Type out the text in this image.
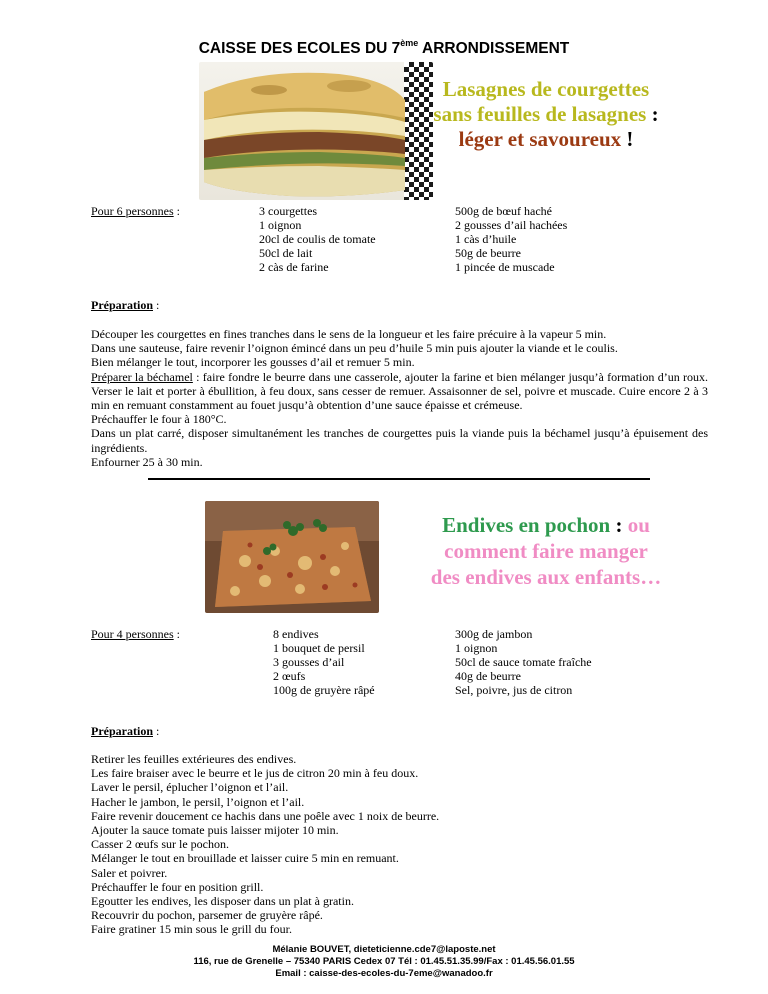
CAISSE DES ECOLES DU 7ème ARRONDISSEMENT
Lasagnes de courgettes
sans feuilles de lasagnes :
léger et savoureux !
Pour 6 personnes :	3 courgettes
1 oignon
20cl de coulis de tomate
50cl de lait
2 càs de farine
500g de bœuf haché
2 gousses d’ail hachées
1 càs d’huile
50g de beurre
1 pincée de muscade
Préparation :

Découper les courgettes en fines tranches dans le sens de la longueur et les faire précuire à la vapeur 5 min.

Dans une sauteuse, faire revenir l’oignon émincé dans un peu d’huile 5 min puis ajouter la viande et le coulis.

Bien mélanger le tout, incorporer les gousses d’ail et remuer 5 min.

Préparer la béchamel : faire fondre le beurre dans une casserole, ajouter la farine et bien mélanger jusqu’à formation d’un roux. Verser le lait et porter à ébullition, à feu doux, sans cesser de remuer. Assaisonner de sel, poivre et muscade. Cuire encore 2 à 3 min en remuant constamment au fouet jusqu’à obtention d’une sauce épaisse et crémeuse.

Préchauffer le four à 180°C.

Dans un plat carré, disposer simultanément les tranches de courgettes puis la viande puis la béchamel jusqu’à épuisement des ingrédients.

Enfourner 25 à 30 min.

Endives en pochon : ou
comment faire manger
des endives aux enfants…
Pour 4 personnes :	8 endives
1 bouquet de persil
3 gousses d’ail
2 œufs
100g de gruyère râpé
300g de jambon
1 oignon
50cl de sauce tomate fraîche
40g de beurre
Sel, poivre, jus de citron
Préparation :

Retirer les feuilles extérieures des endives.

Les faire braiser avec le beurre et le jus de citron 20 min à feu doux.

Laver le persil, éplucher l’oignon et l’ail.

Hacher le jambon, le persil, l’oignon et l’ail.

Faire revenir doucement ce hachis dans une poêle avec 1 noix de beurre.

Ajouter la sauce tomate puis laisser mijoter 10 min.

Casser 2 œufs sur le pochon.

Mélanger le tout en brouillade et laisser cuire 5 min en remuant.

Saler et poivrer.

Préchauffer le four en position grill.

Egoutter les endives, les disposer dans un plat à gratin.

Recouvrir du pochon, parsemer de gruyère râpé.

Faire gratiner 15 min sous le grill du four.

Mélanie BOUVET, dieteticienne.cde7@laposte.net
116, rue de Grenelle – 75340 PARIS Cedex 07 Tél : 01.45.51.35.99/Fax : 01.45.56.01.55
Email : caisse-des-ecoles-du-7eme@wanadoo.fr
